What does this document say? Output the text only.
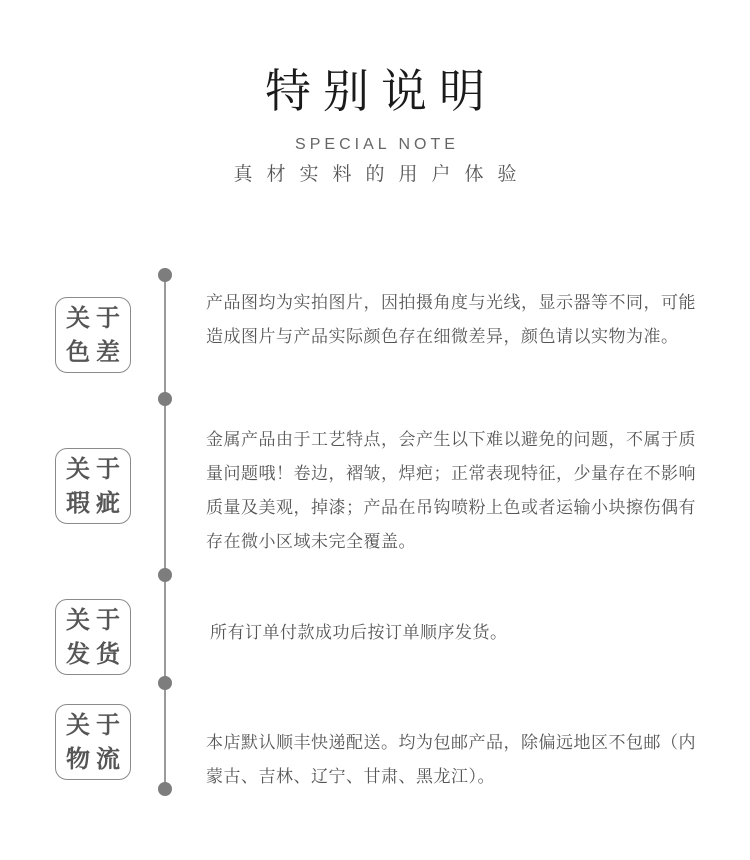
特别说明
SPECIAL NOTE
真材实料的用户体验
关于
色差
产品图均为实拍图片，因拍摄角度与光线，显示器等不同，可能造成图片与产品实际颜色存在细微差异，颜色请以实物为准。
关于
瑕疵
金属产品由于工艺特点，会产生以下难以避免的问题，不属于质量问题哦！卷边，褶皱，焊疤；正常表现特征，少量存在不影响质量及美观，掉漆；产品在吊钩喷粉上色或者运输小块擦伤偶有存在微小区域未完全覆盖。
关于
发货
所有订单付款成功后按订单顺序发货。
关于
物流
本店默认顺丰快递配送。均为包邮产品，除偏远地区不包邮（内蒙古、吉林、辽宁、甘肃、黑龙江）。
